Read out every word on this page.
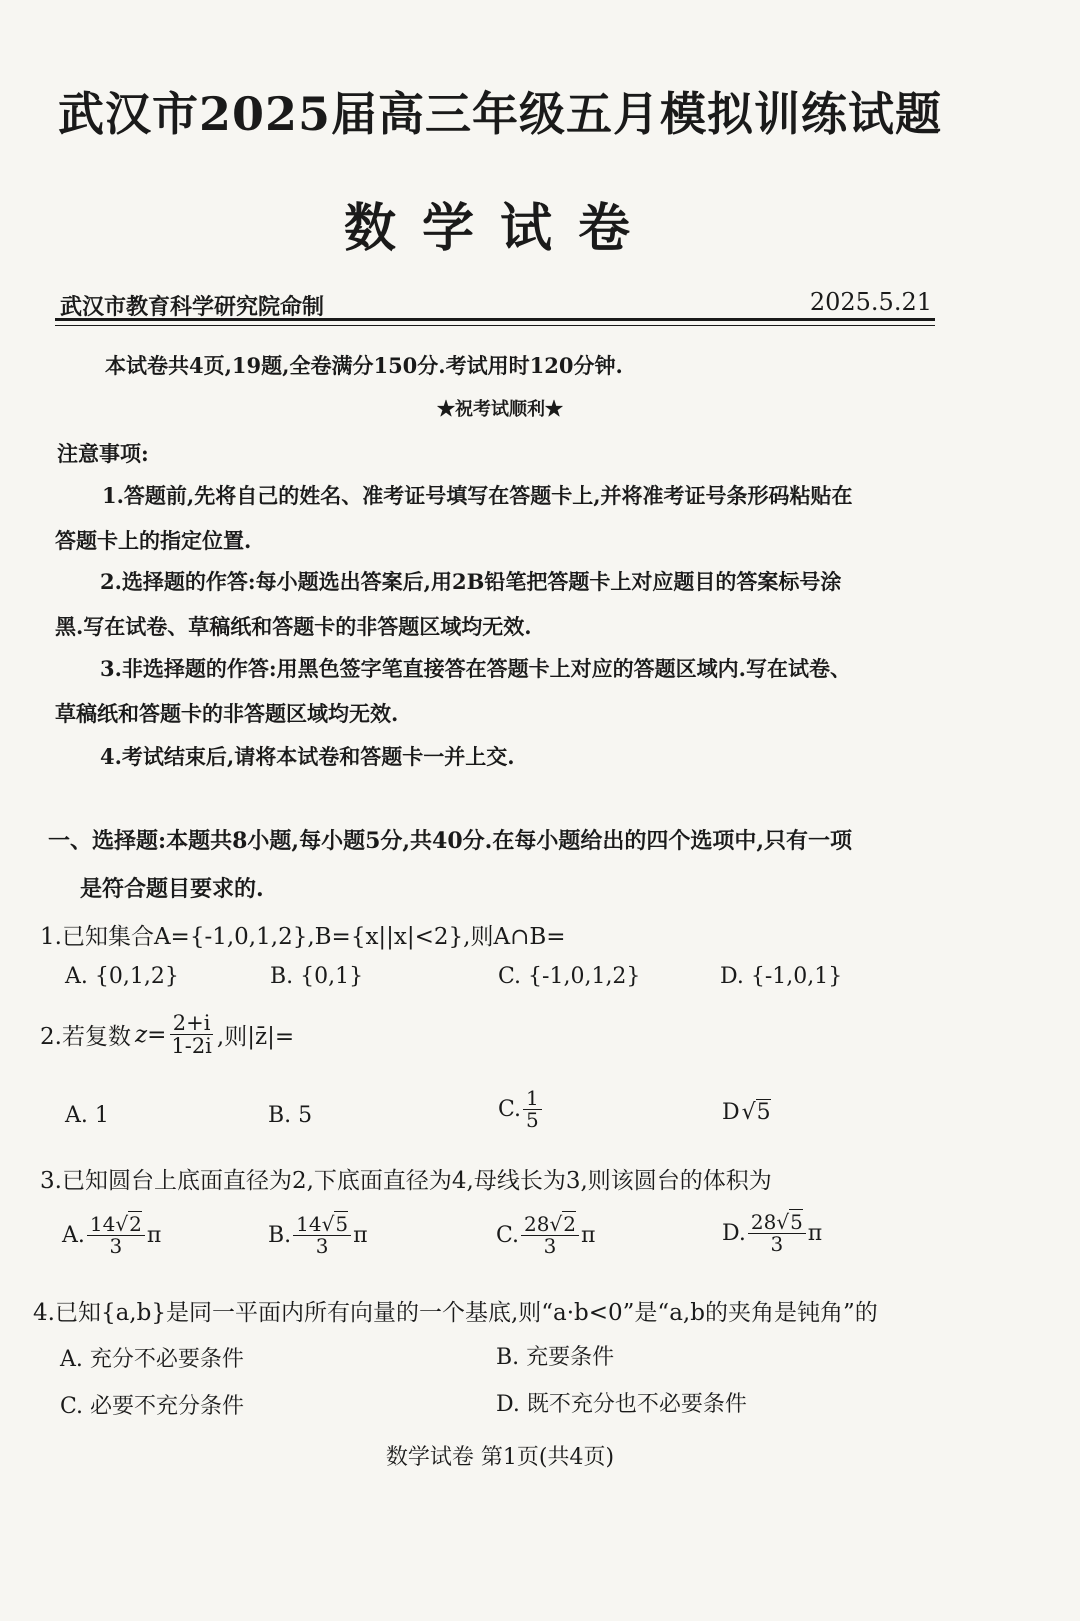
武汉市2025届高三年级五月模拟训练试题
数学试卷
武汉市教育科学研究院命制	2025.5.21
本试卷共4页,19题,全卷满分150分.考试用时120分钟.
★祝考试顺利★
注意事项:
1.答题前,先将自己的姓名、准考证号填写在答题卡上,并将准考证号条形码粘贴在
答题卡上的指定位置.
2.选择题的作答:每小题选出答案后,用2B铅笔把答题卡上对应题目的答案标号涂
黑.写在试卷、草稿纸和答题卡的非答题区域均无效.
3.非选择题的作答:用黑色签字笔直接答在答题卡上对应的答题区域内.写在试卷、
草稿纸和答题卡的非答题区域均无效.
4.考试结束后,请将本试卷和答题卡一并上交.
一、选择题:本题共8小题,每小题5分,共40分.在每小题给出的四个选项中,只有一项
是符合题目要求的.
1.已知集合A={-1,0,1,2},B={x||x|<2},则A∩B=
A. {0,1,2}	B. {0,1}	C. {-1,0,1,2}	D. {-1,0,1}
2.若复数 $z = \frac{2+i}{1-2i}$ ,则|z̄|=
A. 1	B. 5	C. $\frac{1}{5}$	D√5
3.已知圆台上底面直径为2,下底面直径为4,母线长为3,则该圆台的体积为
A. $\frac{14√2}{3}$ π	B. $\frac{14√5}{3}$ π	C. $\frac{28√2}{3}$ π	D. $\frac{28√5}{3}$ π
4.已知{a,b}是同一平面内所有向量的一个基底,则“a·b<0”是“a,b的夹角是钝角”的
A. 充分不必要条件	B. 充要条件
C. 必要不充分条件	D. 既不充分也不必要条件
数学试卷 第1页(共4页)
